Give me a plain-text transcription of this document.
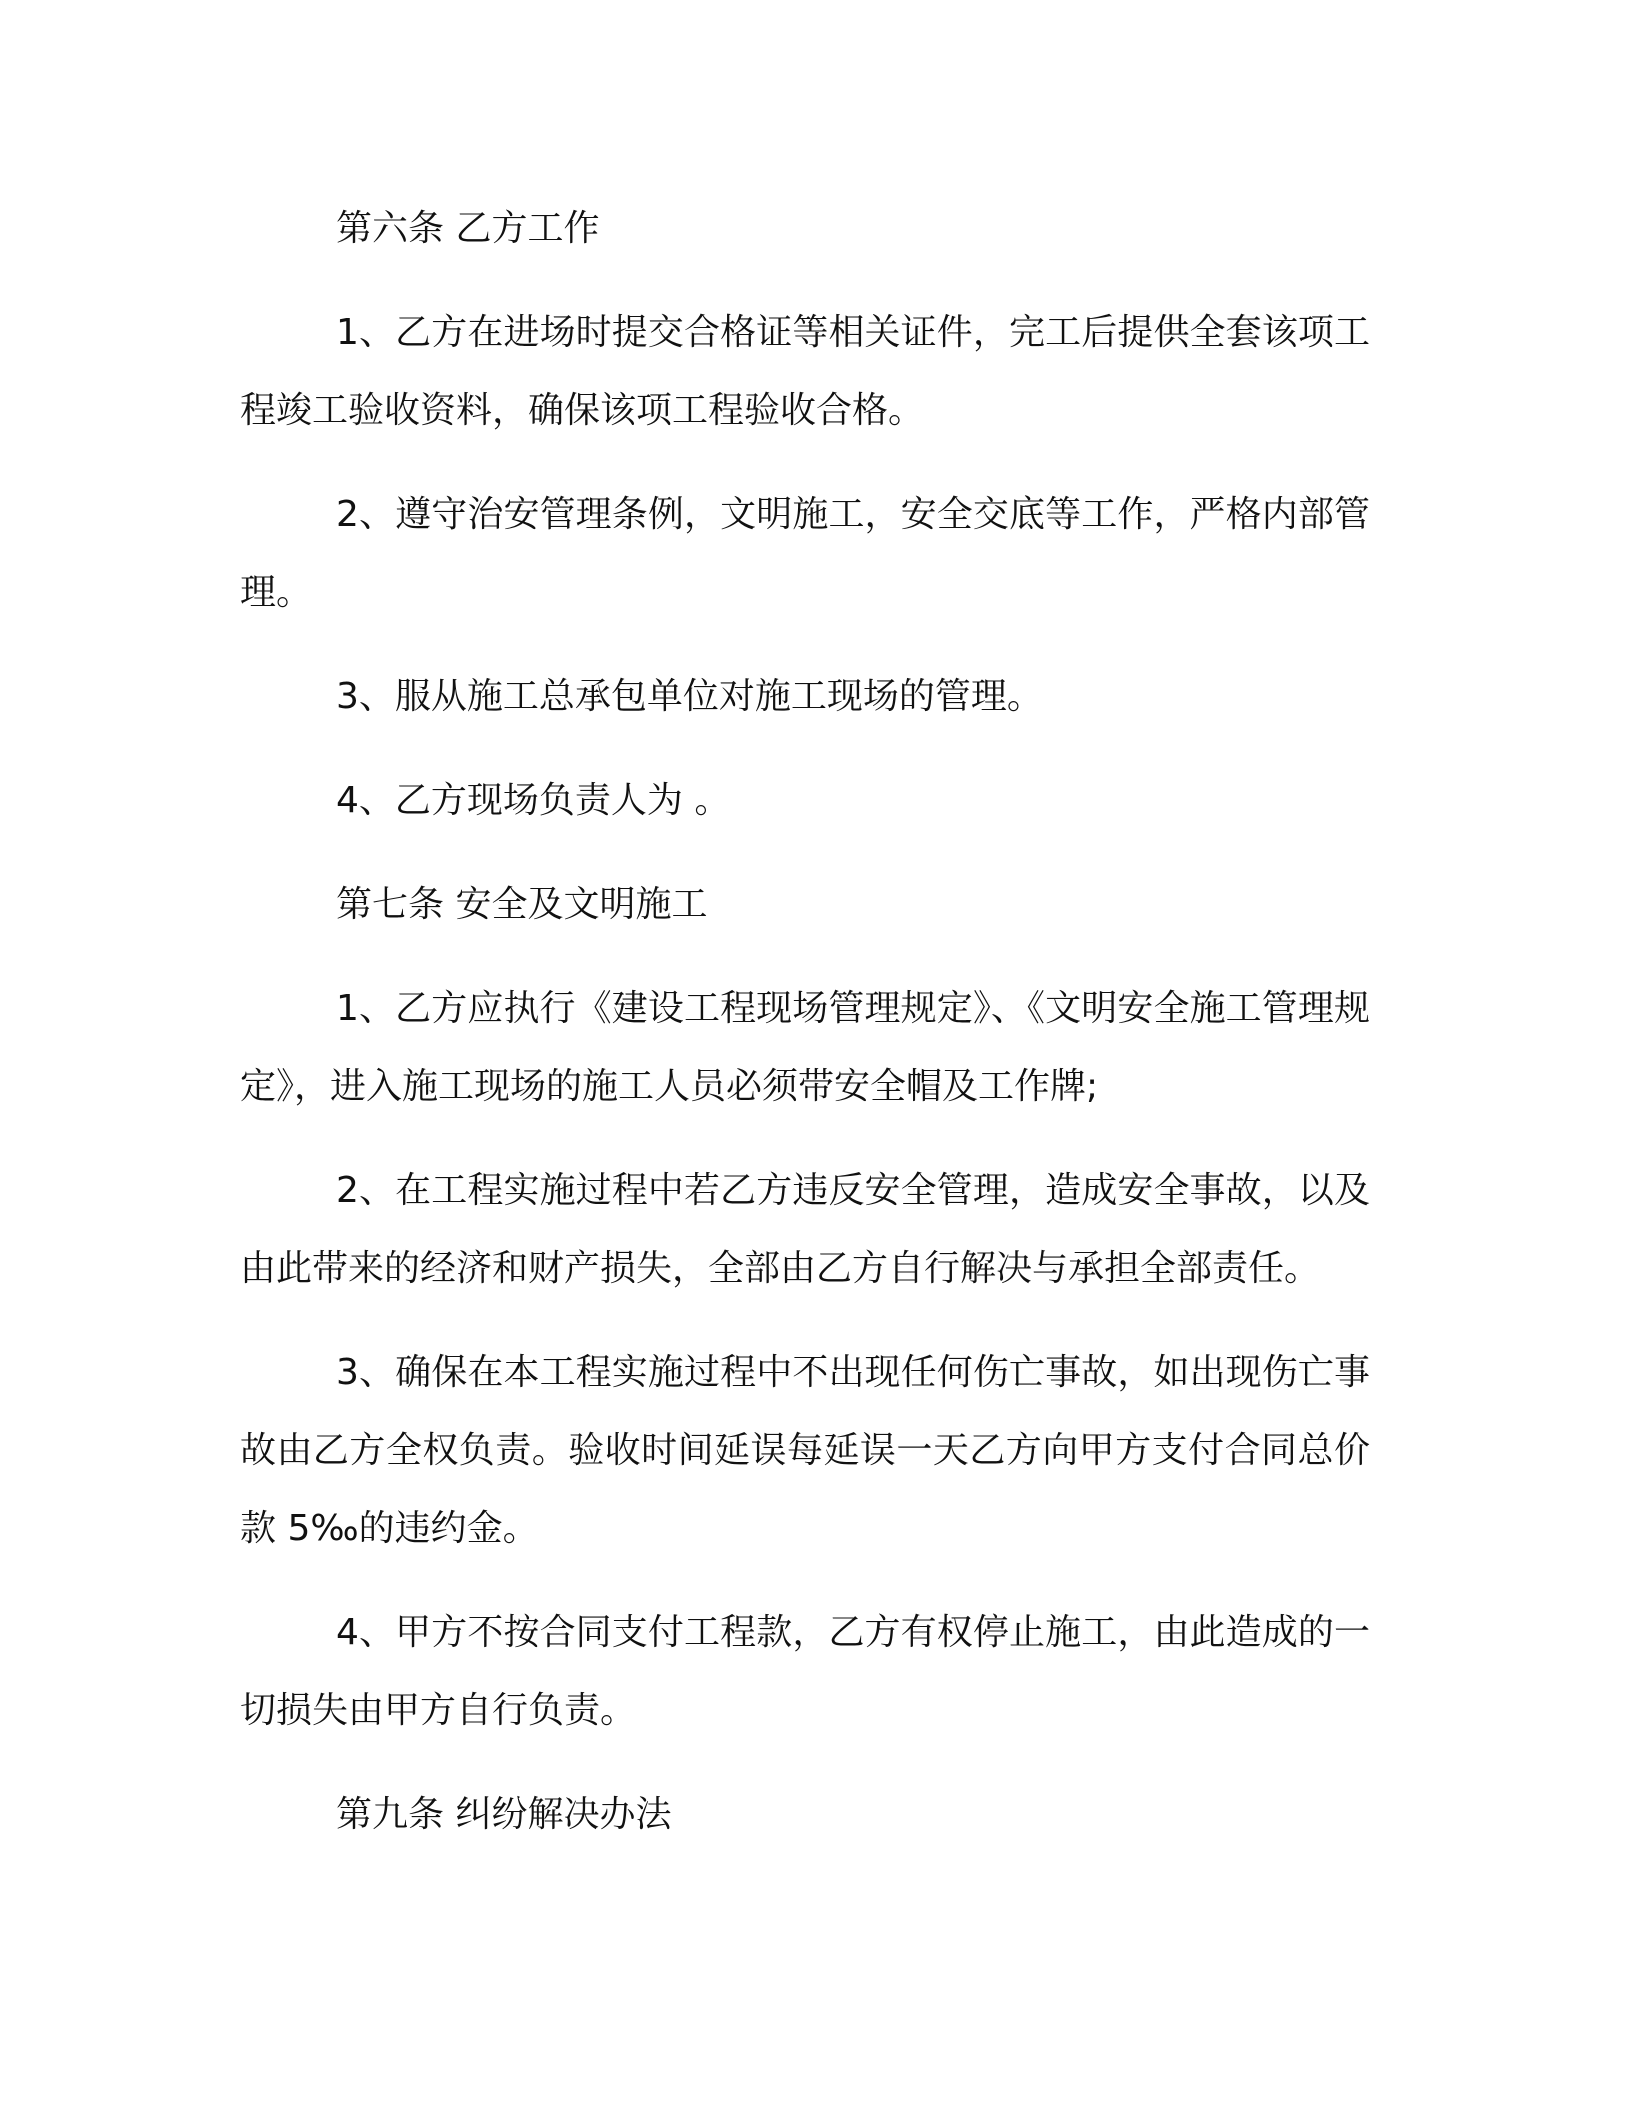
第六条 乙方工作

1、乙方在进场时提交合格证等相关证件，完工后提供全套该项工程竣工验收资料，确保该项工程验收合格。

2、遵守治安管理条例，文明施工，安全交底等工作，严格内部管理。

3、服从施工总承包单位对施工现场的管理。

4、乙方现场负责人为 。

第七条 安全及文明施工

1、乙方应执行《建设工程现场管理规定》、《文明安全施工管理规定》，进入施工现场的施工人员必须带安全帽及工作牌;

2、在工程实施过程中若乙方违反安全管理，造成安全事故，以及由此带来的经济和财产损失，全部由乙方自行解决与承担全部责任。

3、确保在本工程实施过程中不出现任何伤亡事故，如出现伤亡事故由乙方全权负责。验收时间延误每延误一天乙方向甲方支付合同总价款 5‰的违约金。

4、甲方不按合同支付工程款，乙方有权停止施工，由此造成的一切损失由甲方自行负责。

第九条 纠纷解决办法
